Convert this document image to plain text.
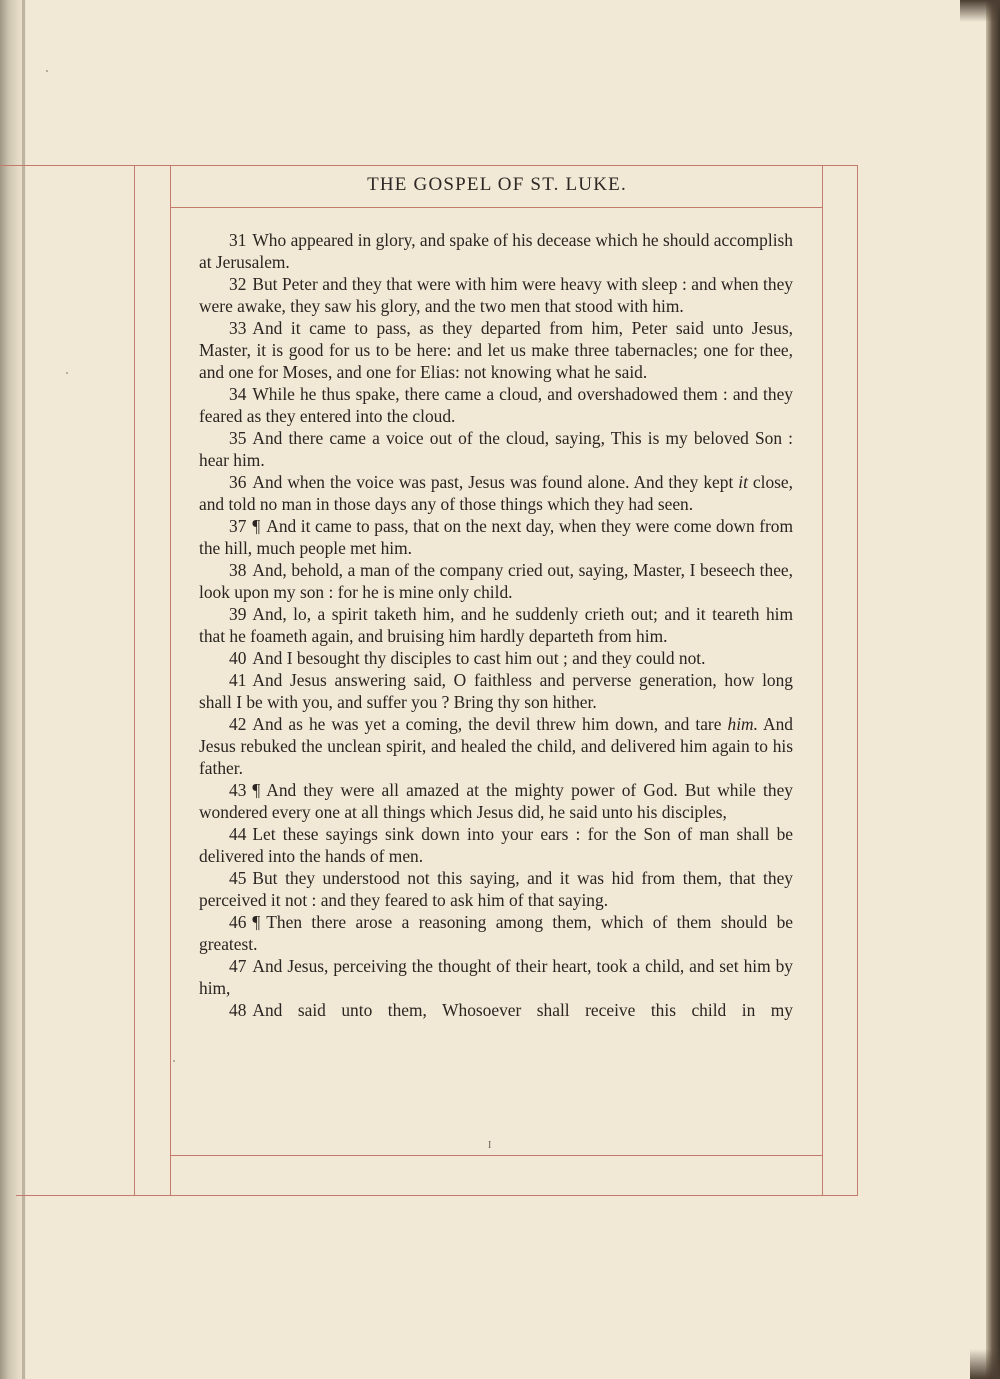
THE GOSPEL OF ST. LUKE.

31 Who appeared in glory, and spake of his decease which he should accomplish at Jerusalem.

32 But Peter and they that were with him were heavy with sleep : and when they were awake, they saw his glory, and the two men that stood with him.

33 And it came to pass, as they departed from him, Peter said unto Jesus, Master, it is good for us to be here: and let us make three tabernacles; one for thee, and one for Moses, and one for Elias: not knowing what he said.

34 While he thus spake, there came a cloud, and overshadowed them : and they feared as they entered into the cloud.

35 And there came a voice out of the cloud, saying, This is my beloved Son : hear him.

36 And when the voice was past, Jesus was found alone. And they kept it close, and told no man in those days any of those things which they had seen.

37 ¶ And it came to pass, that on the next day, when they were come down from the hill, much people met him.

38 And, behold, a man of the company cried out, saying, Master, I beseech thee, look upon my son : for he is mine only child.

39 And, lo, a spirit taketh him, and he suddenly crieth out; and it teareth him that he foameth again, and bruising him hardly departeth from him.

40 And I besought thy disciples to cast him out ; and they could not.

41 And Jesus answering said, O faithless and perverse generation, how long shall I be with you, and suffer you ? Bring thy son hither.

42 And as he was yet a coming, the devil threw him down, and tare him. And Jesus rebuked the unclean spirit, and healed the child, and delivered him again to his father.

43 ¶ And they were all amazed at the mighty power of God. But while they wondered every one at all things which Jesus did, he said unto his disciples,

44 Let these sayings sink down into your ears : for the Son of man shall be delivered into the hands of men.

45 But they understood not this saying, and it was hid from them, that they perceived it not : and they feared to ask him of that saying.

46 ¶ Then there arose a reasoning among them, which of them should be greatest.

47 And Jesus, perceiving the thought of their heart, took a child, and set him by him,

48 And said unto them, Whosoever shall receive this child in my

I
